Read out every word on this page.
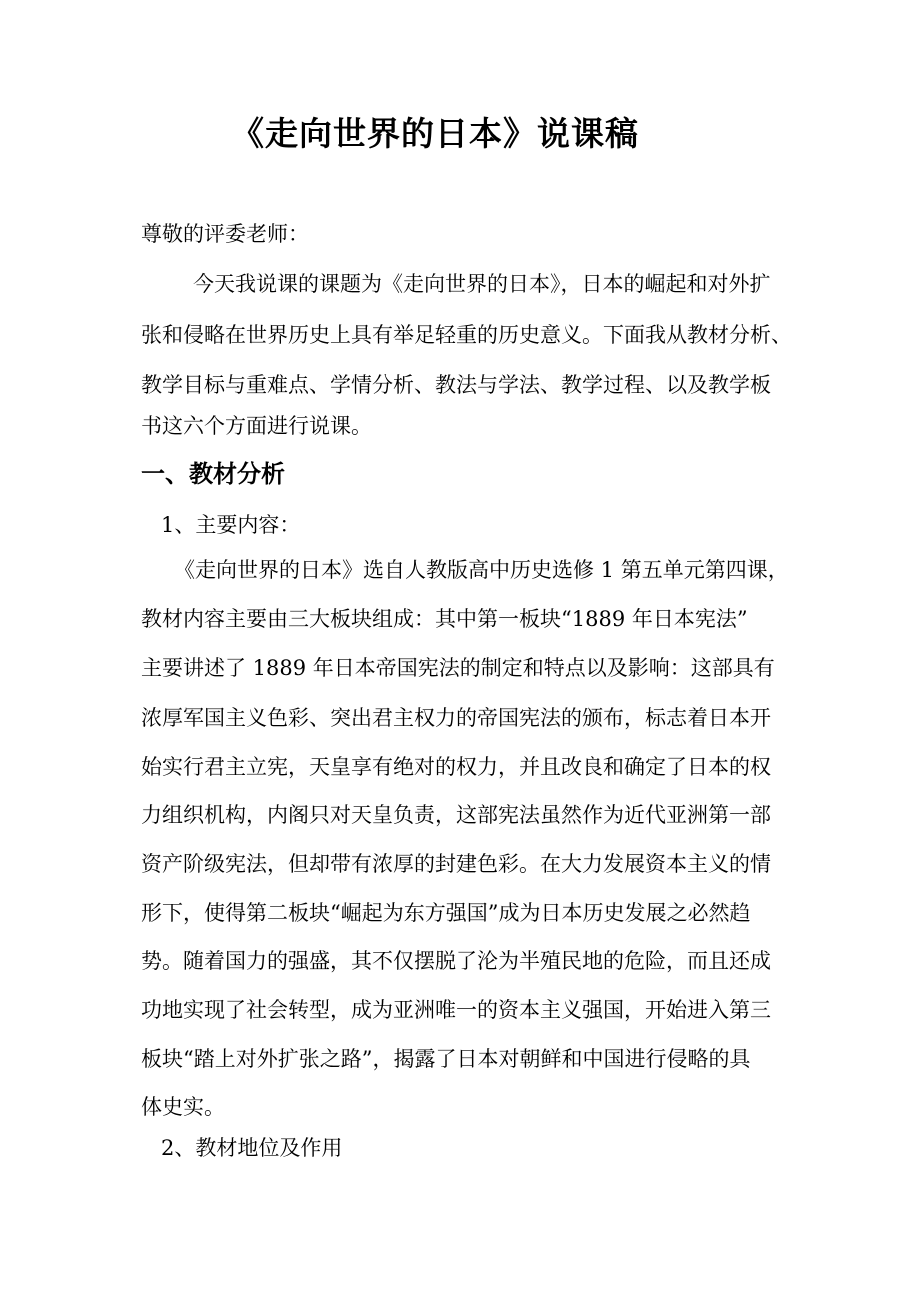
《走向世界的日本》说课稿
尊敬的评委老师：
今天我说课的课题为《走向世界的日本》，日本的崛起和对外扩
张和侵略在世界历史上具有举足轻重的历史意义。下面我从教材分析、
教学目标与重难点、学情分析、教法与学法、教学过程、以及教学板
书这六个方面进行说课。
一、教材分析
1、主要内容：
《走向世界的日本》选自人教版高中历史选修 1 第五单元第四课，
教材内容主要由三大板块组成：其中第一板块“1889 年日本宪法”
主要讲述了 1889 年日本帝国宪法的制定和特点以及影响：这部具有
浓厚军国主义色彩、突出君主权力的帝国宪法的颁布，标志着日本开
始实行君主立宪，天皇享有绝对的权力，并且改良和确定了日本的权
力组织机构，内阁只对天皇负责，这部宪法虽然作为近代亚洲第一部
资产阶级宪法，但却带有浓厚的封建色彩。在大力发展资本主义的情
形下，使得第二板块“崛起为东方强国”成为日本历史发展之必然趋
势。随着国力的强盛，其不仅摆脱了沦为半殖民地的危险，而且还成
功地实现了社会转型，成为亚洲唯一的资本主义强国，开始进入第三
板块“踏上对外扩张之路”，揭露了日本对朝鲜和中国进行侵略的具
体史实。
2、教材地位及作用
